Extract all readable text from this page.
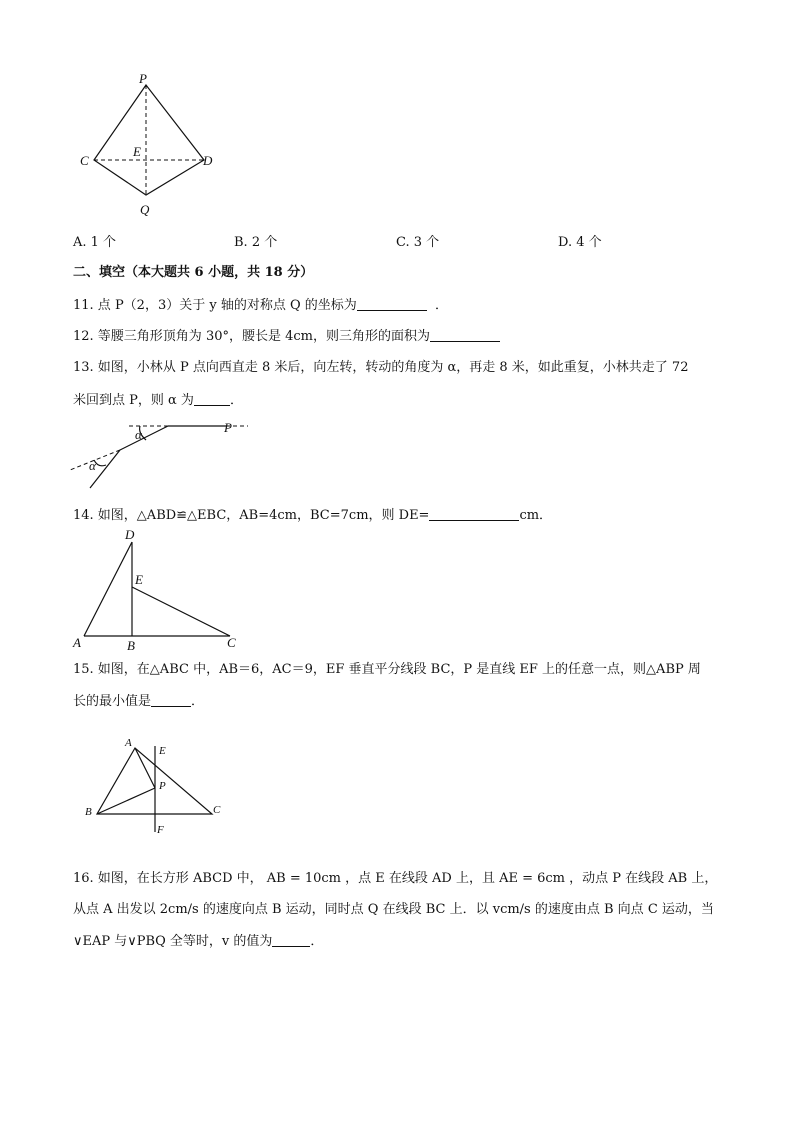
P
C
E
D
Q
A. 1 个	B. 2 个	C. 3 个	D. 4 个
二、填空（本大题共 6 小题，共 18 分）
11. 点 P（2，3）关于 y 轴的对称点 Q 的坐标为	．
12. 等腰三角形顶角为 30°，腰长是 4cm，则三角形的面积为
13. 如图，小林从 P 点向西直走 8 米后，向左转，转动的角度为 α，再走 8 米，如此重复，小林共走了 72
米回到点 P，则 α 为	．
P
α
α
14. 如图，△ABD≌△EBC，AB=4cm，BC=7cm，则 DE=	cm．
D
E
A	B	C
15. 如图，在△ABC 中，AB＝6，AC＝9，EF 垂直平分线段 BC，P 是直线 EF 上的任意一点，则△ABP 周
长的最小值是	．
A
E
P
B	C
F
16. 如图，在长方形 ABCD 中， AB = 10cm ，点 E 在线段 AD 上，且 AE = 6cm ，动点 P 在线段 AB 上，
从点 A 出发以 2cm/s 的速度向点 B 运动，同时点 Q 在线段 BC 上．以 vcm/s 的速度由点 B 向点 C 运动，当
∨EAP 与∨PBQ 全等时，v 的值为	．
